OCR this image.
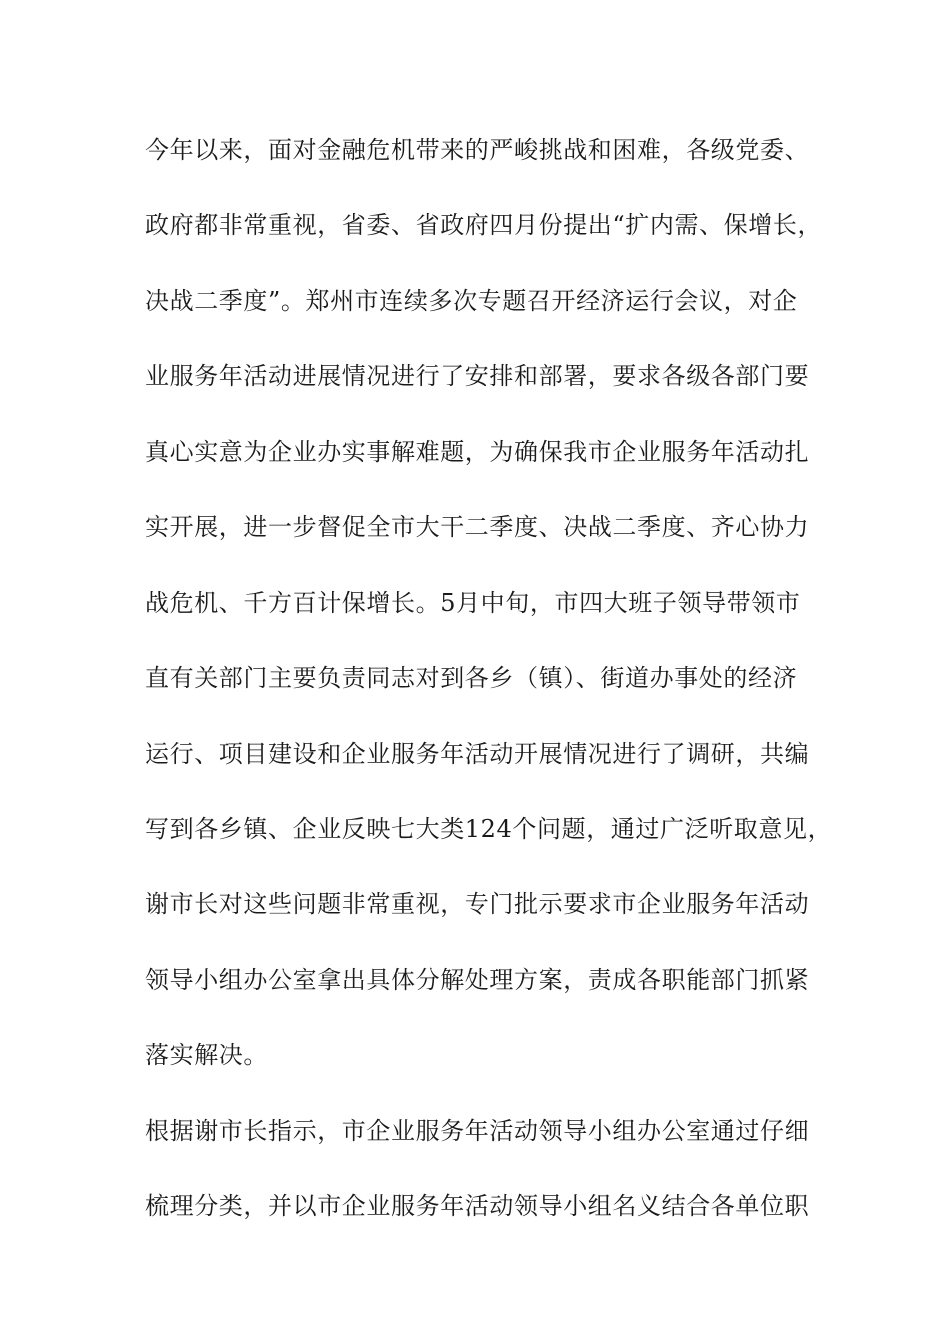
今年以来，面对金融危机带来的严峻挑战和困难，各级党委、
政府都非常重视，省委、省政府四月份提出“扩内需、保增长，
决战二季度”。郑州市连续多次专题召开经济运行会议，对企
业服务年活动进展情况进行了安排和部署，要求各级各部门要
真心实意为企业办实事解难题，为确保我市企业服务年活动扎
实开展，进一步督促全市大干二季度、决战二季度、齐心协力
战危机、千方百计保增长。5月中旬，市四大班子领导带领市
直有关部门主要负责同志对到各乡（镇）、街道办事处的经济
运行、项目建设和企业服务年活动开展情况进行了调研，共编
写到各乡镇、企业反映七大类124个问题，通过广泛听取意见，
谢市长对这些问题非常重视，专门批示要求市企业服务年活动
领导小组办公室拿出具体分解处理方案，责成各职能部门抓紧
落实解决。
根据谢市长指示，市企业服务年活动领导小组办公室通过仔细
梳理分类，并以市企业服务年活动领导小组名义结合各单位职
